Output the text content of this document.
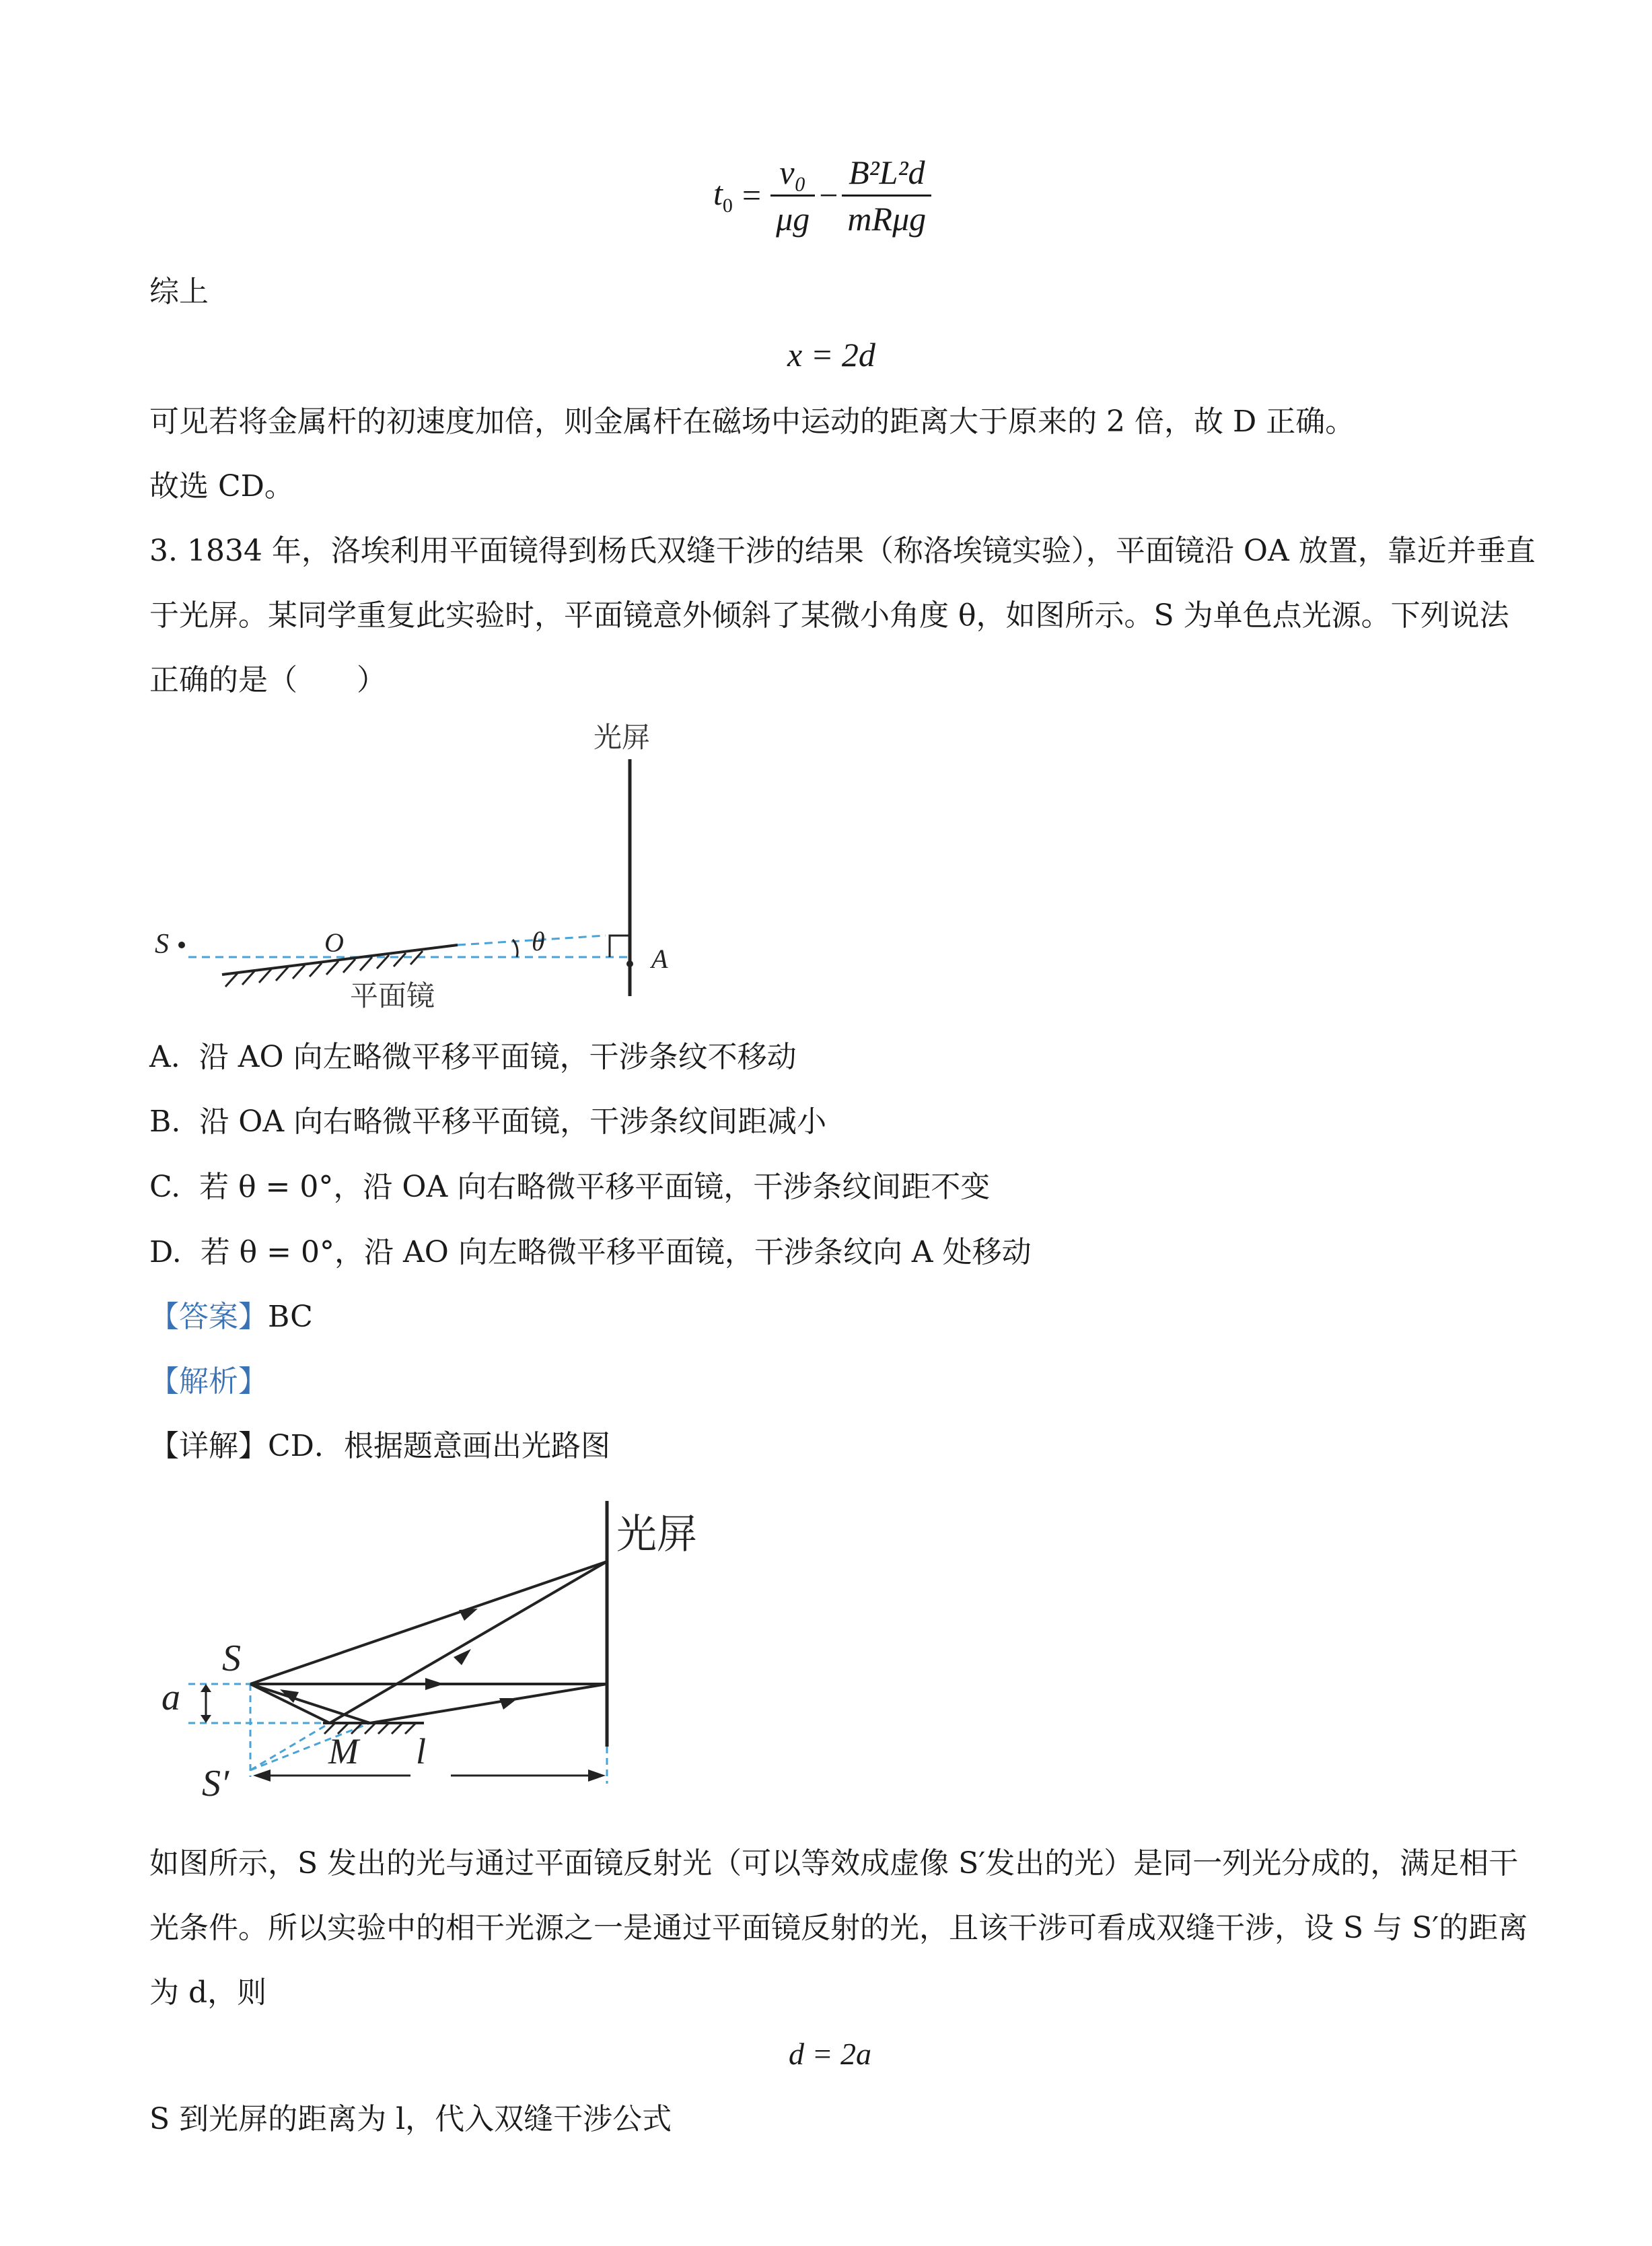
$t_0 = \frac{\text{v₀}}{\mu g} - \frac{\text{B²L²d}}{\text{mRμg}}$
综上
x = 2d
可见若将金属杆的初速度加倍，则金属杆在磁场中运动的距离大于原来的 2 倍，故 D 正确。
故选 CD。
3. 1834 年，洛埃利用平面镜得到杨氏双缝干涉的结果（称洛埃镜实验），平面镜沿 OA 放置，靠近并垂直
于光屏。某同学重复此实验时，平面镜意外倾斜了某微小角度 θ，如图所示。S 为单色点光源。下列说法
正确的是（　　）
光屏
S	O	θ
A
平面镜
A. 沿 AO 向左略微平移平面镜，干涉条纹不移动
B. 沿 OA 向右略微平移平面镜，干涉条纹间距减小
C. 若 θ = 0°，沿 OA 向右略微平移平面镜，干涉条纹间距不变
D. 若 θ = 0°，沿 AO 向左略微平移平面镜，干涉条纹向 A 处移动
【答案】BC
【解析】
【详解】CD．根据题意画出光路图
光屏
S
a
S′
M l
如图所示，S 发出的光与通过平面镜反射光（可以等效成虚像 S′发出的光）是同一列光分成的，满足相干
光条件。所以实验中的相干光源之一是通过平面镜反射的光，且该干涉可看成双缝干涉，设 S 与 S′的距离
为 d，则
d = 2a
S 到光屏的距离为 l，代入双缝干涉公式
